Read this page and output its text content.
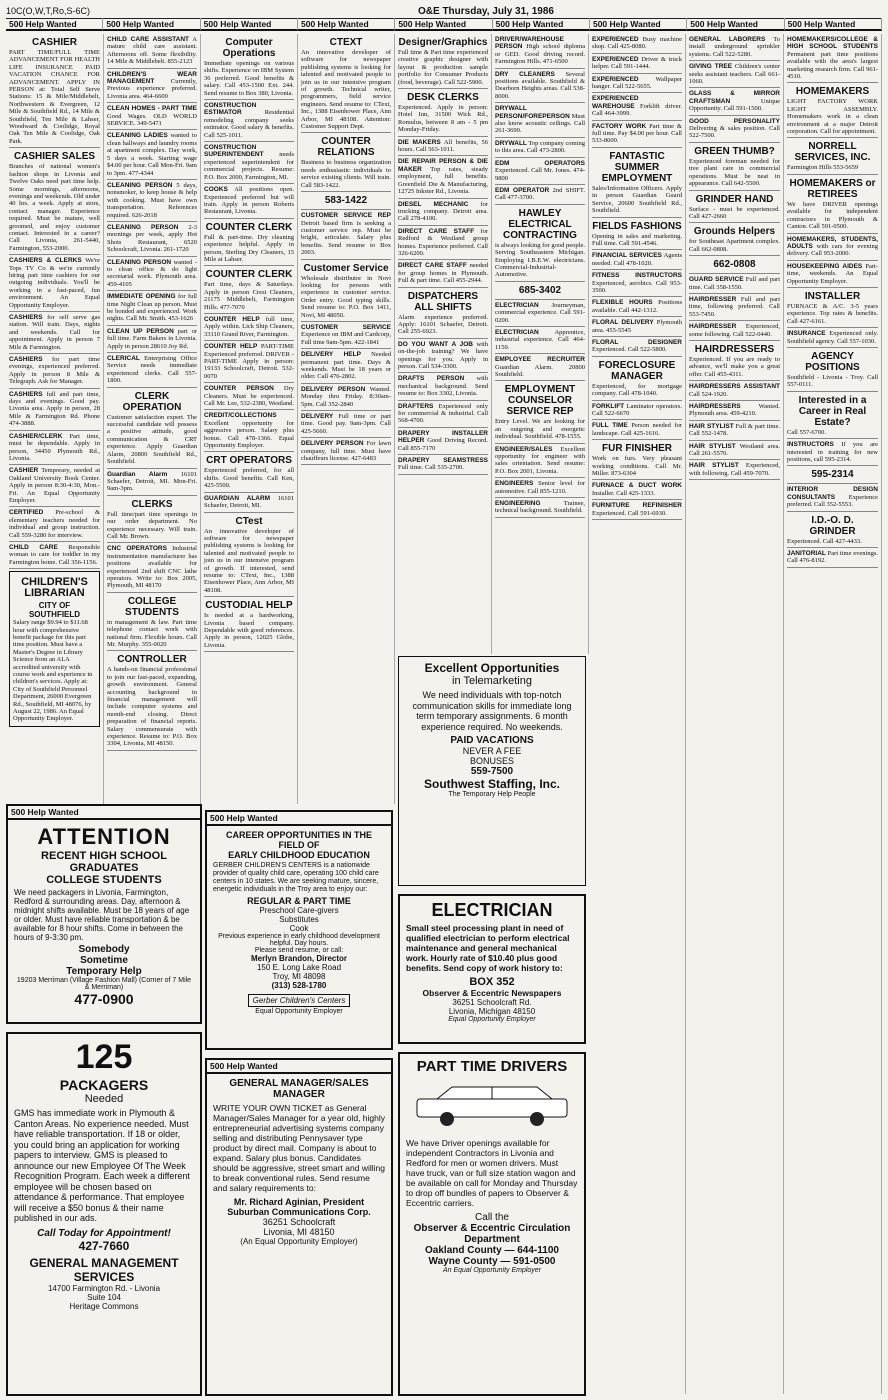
10C(O,W,T,Ro,S-6C)	O&E Thursday, July 31, 1986
500 Help Wanted	500 Help Wanted	500 Help Wanted	500 Help Wanted	500 Help Wanted	500 Help Wanted	500 Help Wanted	500 Help Wanted	500 Help Wanted
CASHIER
PART TIME/FULL TIME ADVANCEMENT FOR HEALTH LIFE INSURANCE PAID VACATION CHANCE FOR ADVANCEMENT. APPLY IN PERSON at: Total Self Serve Stations: 15 & Mile/Middlebelt, Northwestern & Evergreen, 12 Mile & Southfield Rd., 14 Mile & Southfield, Ten Mile & Lahser, Woodward & Coolidge, Royal Oak Ten Mile & Coolidge, Oak Park.
CASHIER SALES
Branches of national women's fashion shops in Livonia and Twelve Oaks need part time help. Some mornings, afternoons, evenings and weekends. Old under 40 hrs. a week. Apply at store, contact manager. Experience required. Must be mature, well groomed, and enjoy customer contact. Interested in a career? Call Livonia, 261-5440, Farmington, 553-2000.
CASHIERS & CLERKS We're Tops TV Co & we're currently hiring part time cashiers for our outgoing individuals. You'll be working in a fast-paced, fun environment. An Equal Opportunity Employer.
CASHIERS for self serve gas station. Will train. Days, nights and weekends. Call for appointment. Apply in person 7 Mile & Farmington.
CASHIERS for part time evenings, experienced preferred. Apply in person 8 Mile & Telegraph. Ask for Manager.
CASHIERS full and part time, days and evenings. Good pay. Livonia area. Apply in person, 28 Mile & Farmington Rd. Phone 474-3888.
CASHIER/CLERK Part time, must be dependable. Apply in person, 34450 Plymouth Rd., Livonia.
CASHIER Temporary, needed at Oakland University Book Center. Apply in person 8:30-4:30, Mon.-Fri. An Equal Opportunity Employer.
CERTIFIED Pre-school & elementary teachers needed for individual and group instruction. Call 559-3280 for interview.
CHILD CARE Responsible woman to care for toddler in my Farmington home. Call 356-1156.
CHILDREN'S LIBRARIAN
CITY OF SOUTHFIELD
Salary range $9.94 to $11.68 hour with comprehensive benefit package for this part time position. Must have a Master's Degree in Library Science from an ALA accredited university with course work and experience in children's services. Apply at: City of Southfield Personnel Department, 26000 Evergreen Rd., Southfield, MI 48076, by August 22, 1986. An Equal Opportunity Employer.
CHILD CARE ASSISTANT A mature child care assistant. Afternoons off. Some flexibility. 14 Mile & Middlebelt. 855-2123
CHILDREN'S WEAR MANAGEMENT Currently, Previous experience preferred. Livonia area. 464-6600
CLEAN HOMES - PART TIME Good Wages. OLD WORLD SERVICE. 349-5471
CLEANING LADIES wanted to clean hallways and laundry rooms at apartment complex. Day work, 5 days a week. Starting wage $4.00 per hour. Call Mon-Fri. 9am to 3pm. 477-4344
CLEANING PERSON 5 days, nonsmoker, to keep house & help with cooking. Must have own transportation. References required. 626-2018
CLEANING PERSON 2-3 mornings per week, apply Hot Shots Restaurant, 6520 Schoolcraft, Livonia. 261-1720
CLEANING PERSON wanted - to clean office & do light secretarial work. Plymouth area. 459-4105
IMMEDIATE OPENING for full time Night Clean up person. Must be bonded and experienced. Work nights. Call Mr. Smith. 453-1626
CLEAN UP PERSON part or full time. Farm Bakers in Livonia. Apply in person 28610 Joy Rd.
CLERICAL Enterprising Office Service needs immediate experienced clerks. Call 557-1800.
CLERK OPERATION
Customer satisfaction expert. The successful candidate will possess a positive attitude, good communication & CRT experience. Apply Guardian Alarm, 20800 Southfield Rd., Southfield.
Guardian Alarm 16101 Schaefer, Detroit, MI. Mon-Fri. 9am-3pm.
CLERKS
Full time/part time openings in our order department. No experience necessary. Will train. Call Mr. Brown.
CNC OPERATORS Industrial instrumentation manufacturer has positions available for experienced 2nd shift CNC lathe operators. Write to: Box 2005, Plymouth, MI 48170
COLLEGE STUDENTS
in management & law. Part time telephone contact work with national firm. Flexible hours. Call Mr. Murphy. 355-0020
CONTROLLER
A hands-on financial professional to join our fast-paced, expanding, growth environment. General accounting background in financial management will include computer systems and month-end closing. Direct preparation of financial reports. Salary commensurate with experience. Resume to: P.O. Box 3304, Livonia, MI 48150.
Computer Operations
Immediate openings on various shifts. Experience on IBM System 36 preferred. Good benefits & salary. Call 453-1500 Ext. 244. Send resume to Box 380, Livonia.
CONSTRUCTION ESTIMATOR Residential remodeling company seeks estimator. Good salary & benefits. Call 525-1011.
CONSTRUCTION SUPERINTENDENT needs experienced superintendent for commercial projects. Resume: P.O. Box 2000, Farmington, MI.
COOKS All positions open. Experienced preferred but will train. Apply in person Roberts Restaurant, Livonia.
COUNTER CLERK
Full & part-time. Dry cleaning experience helpful. Apply in person, Sterling Dry Cleaners, 15 Mile at Lahser.
COUNTER CLERK
Part time, days & Saturdays. Apply in person Crest Cleaners, 21175 Middlebelt, Farmington Hills. 477-7070
COUNTER HELP full time, Apply within. Lick Ship Cleaners, 33110 Grand River, Farmington.
COUNTER HELP PART-TIME Experienced preferred. DRIVER - PART-TIME Apply in person: 19133 Schoolcraft, Detroit. 532-0070
COUNTER PERSON Dry Cleaners. Must be experienced. Call Mr. Lee, 532-2380, Westland.
CREDIT/COLLECTIONS Excellent opportunity for aggressive person. Salary plus bonus. Call 478-1366. Equal Opportunity Employer.
CRT OPERATORS
Experienced preferred, for all shifts. Good benefits. Call Ken, 425-5500.
GUARDIAN ALARM 16101 Schaefer, Detroit, MI.
CTest
An innovative developer of software for newspaper publishing systems is looking for talented and motivated people to join us in our intensive program of growth. If interested, send resume to: CText, Inc., 1388 Eisenhower Place, Ann Arbor, MI 48108.
CUSTODIAL HELP
Is needed at a hardworking, Livonia based company. Dependable with good references. Apply in person, 12025 Globe, Livonia.
CTEXT
An innovative developer of software for newspaper publishing systems is looking for talented and motivated people to join us in our intensive program of growth. Technical writer, programmers, field service engineers. Send resume to: CText, Inc., 1388 Eisenhower Place, Ann Arbor, MI 48108. Attention: Customer Support Dept.
COUNTER RELATIONS
Business to business organization needs enthusiastic individuals to service existing clients. Will train. Call 583-1422.
583-1422
CUSTOMER SERVICE REP Detroit based firm is seeking a customer service rep. Must be bright, articulate. Salary plus benefits. Send resume to Box 2003.
Customer Service
Wholesale distributor in Novi looking for persons with experience in customer service. Order entry. Good typing skills. Send resume to: P.O. Box 1411, Novi, MI 48050.
CUSTOMER SERVICE Experience on IBM and Cardcorp, Full time 9am-5pm. 422-1841
DELIVERY HELP Needed permanent part time. Days & weekends. Must be 18 years or older. Call 476-2802.
DELIVERY PERSON Wanted. Monday thru Friday. 8:30am-5pm. Call 352-2840
DELIVERY Full time or part time. Good pay. 9am-3pm. Call 425-5660.
DELIVERY PERSON For lawn company, full time. Must have chauffeurs license. 427-6483
Designer/Graphics
Full time & Part time experienced creative graphic designer with layout & production sample portfolio for Consumer Products (food, beverage). Call 522-5900.
DESK CLERKS
Experienced. Apply in person: Hotel Inn, 31500 Wick Rd., Romulus, between 8 am - 5 pm Monday-Friday.
DIE MAKERS All benefits, 56 hours. Call 563-1011.
DIE REPAIR PERSON & DIE MAKER Top rates, steady employment, full benefits. Greenfield Die & Manufacturing, 12725 Inkster Rd., Livonia.
DIESEL MECHANIC for trucking company. Detroit area. Call 278-4100.
DIRECT CARE STAFF for Redford & Westland group homes. Experience preferred. Call 326-6200.
DIRECT CARE STAFF needed for group homes in Plymouth. Full & part time. Call 455-2944.
DISPATCHERS ALL SHIFTS
Alarm experience preferred. Apply: 16101 Schaefer, Detroit. Call 255-6923.
DO YOU WANT A JOB with on-the-job training? We have openings for you. Apply in person. Call 534-3300.
DRAFTS PERSON with mechanical background. Send resume to: Box 3302, Livonia.
DRAFTERS Experienced only for commercial & industrial. Call 568-4700.
DRAPERY INSTALLER HELPER Good Driving Record. Call 855-7170
DRAPERY SEAMSTRESS Full time. Call 535-2700.
DRIVER/WAREHOUSE PERSON High school diploma or GED. Good driving record. Farmington Hills. 471-6500
DRY CLEANERS Several positions available. Southfield & Dearborn Heights areas. Call 538-8000.
DRYWALL PERSON/FOREPERSON Must also know acoustic ceilings. Call 261-3690.
DRYWALL Top company coming to this area. Call 473-2800.
EDM OPERATORS Experienced. Call Mr. Jones. 474-9800
EDM OPERATOR 2nd SHIFT. Call 477-3700.
HAWLEY ELECTRICAL CONTRACTING
is always looking for good people. Serving Southeastern Michigan. Employing I.B.E.W. electricians. Commercial-Industrial-Automotive.
685-3402
ELECTRICIAN Journeyman, commercial experience. Call 591-0200.
ELECTRICIAN Apprentice, industrial experience. Call 464-1150.
EMPLOYEE RECRUITER Guardian Alarm. 20800 Southfield.
EMPLOYMENT COUNSELOR SERVICE REP
Entry Level. We are looking for an outgoing and energetic individual. Southfield. 478-1555.
ENGINEER/SALES Excellent opportunity for engineer with sales orientation. Send resume: P.O. Box 2001, Livonia.
ENGINEERS Senior level for automotive. Call 855-1210.
ENGINEERING Trainee, technical background. Southfield.
EXPERIENCED Busy machine shop. Call 425-8080.
EXPERIENCED Driver & truck helper. Call 591-1444.
EXPERIENCED Wallpaper hanger. Call 522-5655.
EXPERIENCED WAREHOUSE Forklift driver. Call 464-3999.
FACTORY WORK Part time & full time. Pay $4.00 per hour. Call 533-8600.
FANTASTIC SUMMER EMPLOYMENT
Sales/Information Officers. Apply in person Guardian Guard Service, 20600 Southfield Rd., Southfield.
FIELDS FASHIONS
Opening in sales and marketing. Full time. Call 591-4546.
FINANCIAL SERVICES Agents needed. Call 478-1020.
FITNESS INSTRUCTORS Experienced, aerobics. Call 953-3500.
FLEXIBLE HOURS Positions available. Call 442-1312.
FLORAL DELIVERY Plymouth area. 455-5545
FLORAL DESIGNER Experienced. Call 522-5800.
FORECLOSURE MANAGER
Experienced, for mortgage company. Call 478-1040.
FORKLIFT Laminator operators. Call 522-6670
FULL TIME Person needed for landscape. Call 425-1616.
FUR FINISHER
Work on furs. Very pleasant working conditions. Call Mr. Miller. 873-6304
FURNACE & DUCT WORK Installer. Call 425-1333.
FURNITURE REFINISHER Experienced. Call 591-6930.
GENERAL LABORERS To install underground sprinkler systems. Call 522-5280.
GIVING TREE Children's center seeks assistant teachers. Call 661-1060.
GLASS & MIRROR CRAFTSMAN Unique Opportunity. Call 591-1500.
GOOD PERSONALITY Delivering & sales position. Call 522-7500.
GREEN THUMB?
Experienced foreman needed for tree plant care in commercial operations. Must be neat in appearance. Call 642-5500.
GRINDER HAND
Surface - must be experienced. Call 427-2660
Grounds Helpers
for Southeast Apartment complex. Call 662-0808.
662-0808
GUARD SERVICE Full and part time. Call 358-1550.
HAIRDRESSER Full and part time, following preferred. Call 553-7450.
HAIRDRESSER Experienced, some following. Call 522-0440.
HAIRDRESSERS
Experienced. If you are ready to advance, we'll make you a great offer. Call 455-4311.
HAIRDRESSERS ASSISTANT Call 524-1920.
HAIRDRESSERS Wanted. Plymouth area. 459-4210.
HAIR STYLIST Full & part time. Call 552-1478.
HAIR STYLIST Westland area. Call 261-5570.
HAIR STYLIST Experienced, with following. Call 459-7070.
HOMEMAKERS/COLLEGE & HIGH SCHOOL STUDENTS Permanent part time positions available with the area's largest marketing research firm. Call 961-4510.
HOMEMAKERS
LIGHT FACTORY WORK LIGHT ASSEMBLY. Homemakers work in a clean environment at a major Detroit corporation. Call for appointment.
NORRELL SERVICES, INC.
Farmington Hills 553-5659
HOMEMAKERS or RETIREES
We have DRIVER openings available for independent contractors in Plymouth & Canton. Call 591-0500.
HOMEMAKERS, STUDENTS, ADULTS with cars for evening delivery. Call 953-2000.
HOUSEKEEPING AIDES Part-time, weekends. An Equal Opportunity Employer.
INSTALLER
FURNACE & A/C. 3-5 years experience. Top rates & benefits. Call 427-6161.
INSURANCE Experienced only. Southfield agency. Call 557-1030.
AGENCY POSITIONS
Southfield - Livonia - Troy. Call 557-0111.
Interested in a Career in Real Estate?
Call 557-6700.
INSTRUCTORS If you are interested in training for new positions, call 595-2314.
595-2314
INTERIOR DESIGN CONSULTANTS Experience preferred. Call 352-5553.
I.D.-O. D. GRINDER
Experienced. Call 427-4433.
JANITORIAL Part time evenings. Call 476-8192.
500 Help Wanted
ATTENTION
RECENT HIGH SCHOOL GRADUATES
COLLEGE STUDENTS
We need packagers in Livonia, Farmington, Redford & surrounding areas. Day, afternoon & midnight shifts available. Must be 18 years of age or older. Must have reliable transportation & be available for 8 hour shifts. Come in between the hours of 9-3:30 pm.
Somebody
Sometime
Temporary Help
19203 Merriman (Village Fashion Mall) (Corner of 7 Mile & Merriman)
477-0900
125
PACKAGERS
Needed
GMS has immediate work in Plymouth & Canton Areas. No experience needed. Must have reliable transportation. If 18 or older, you could bring an application for working papers to interview. GMS is pleased to announce our new Employee Of The Week Recognition Program. Each week a different employee will be chosen based on attendance & performance. That employee will receive a $50 bonus & their name published in our ads.
Call Today for Appointment!
427-7660
GENERAL MANAGEMENT SERVICES
14700 Farmington Rd. - Livonia
Suite 104
Heritage Commons
500 Help Wanted
CAREER OPPORTUNITIES IN THE FIELD OF
EARLY CHILDHOOD EDUCATION
GERBER CHILDREN'S CENTERS is a nationwide provider of quality child care, operating 100 child care centers in 10 states. We are seeking mature, sincere, energetic individuals in the Troy area to enjoy our:
REGULAR & PART TIME
Preschool Care-givers
Substitutes
Cook
Previous experience in early childhood development helpful. Day hours.
Please send resume, or call:
Merlyn Brandon, Director
150 E. Long Lake Road
Troy, MI 48098
(313) 528-1780
Gerber Children's Centers
Equal Opportunity Employer
500 Help Wanted
GENERAL MANAGER/SALES MANAGER
WRITE YOUR OWN TICKET as General Manager/Sales Manager for a year old, highly entrepreneurial advertising systems company selling and distributing Pennysaver type product by direct mail. Company is about to expand. Salary plus bonus. Candidates should be aggressive, street smart and willing to break conventional rules. Send resume and salary requirements to:
Mr. Richard Aginian, President
Suburban Communications Corp.
36251 Schoolcraft
Livonia, MI 48150
(An Equal Opportunity Employer)
Excellent Opportunities
in Telemarketing
We need individuals with top-notch communication skills for immediate long term temporary assignments. 6 month experience required. No weekends.
PAID VACATIONS
NEVER A FEE
BONUSES
559-7500
Southwest Staffing, Inc.
The Temporary Help People
ELECTRICIAN
Small steel processing plant in need of qualified electrician to perform electrical maintenance and general mechanical work. Hourly rate of $10.40 plus good benefits. Send copy of work history to:
BOX 352
Observer & Eccentric Newspapers
36251 Schoolcraft Rd.
Livonia, Michigan 48150
Equal Opportunity Employer
PART TIME DRIVERS
We have Driver openings available for independent Contractors in Livonia and Redford for men or women drivers. Must have truck, van or full size station wagon and be available on call for Monday and Thursday to drop off bundles of papers to Observer & Eccentric carriers.
Call the
Observer & Eccentric Circulation Department
Oakland County — 644-1100
Wayne County — 591-0500
An Equal Opportunity Employer
